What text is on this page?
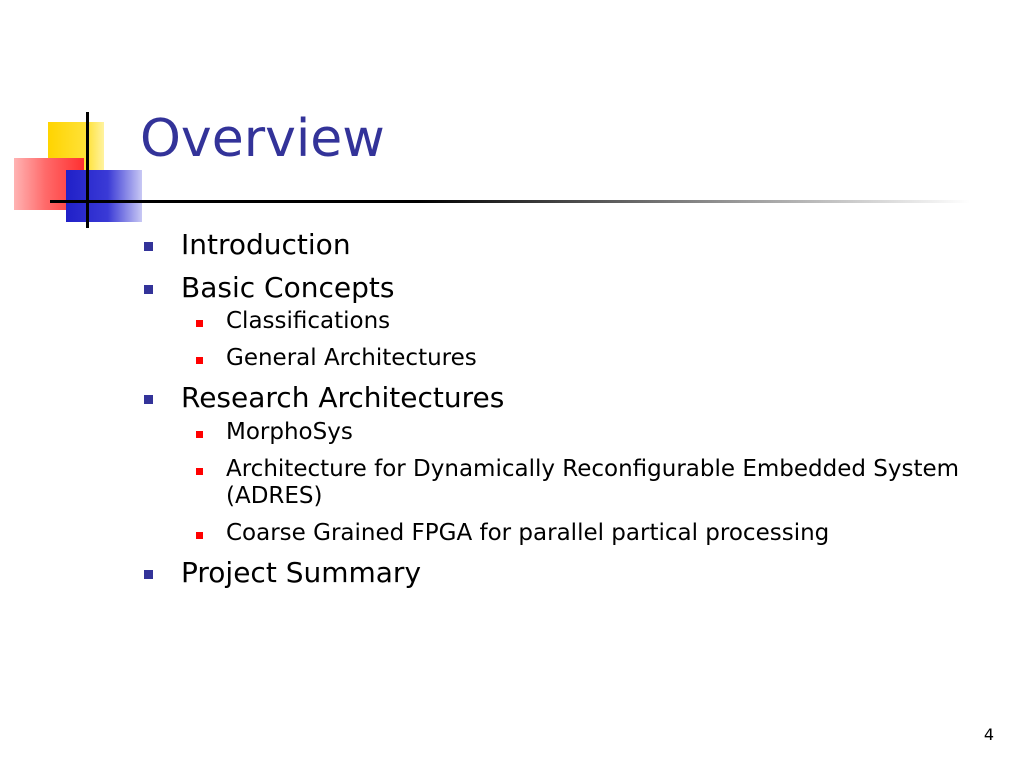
Overview
Introduction
Basic Concepts
Classifications
General Architectures
Research Architectures
MorphoSys
Architecture for Dynamically Reconfigurable Embedded System (ADRES)
Coarse Grained FPGA for parallel partical processing
Project Summary
4
